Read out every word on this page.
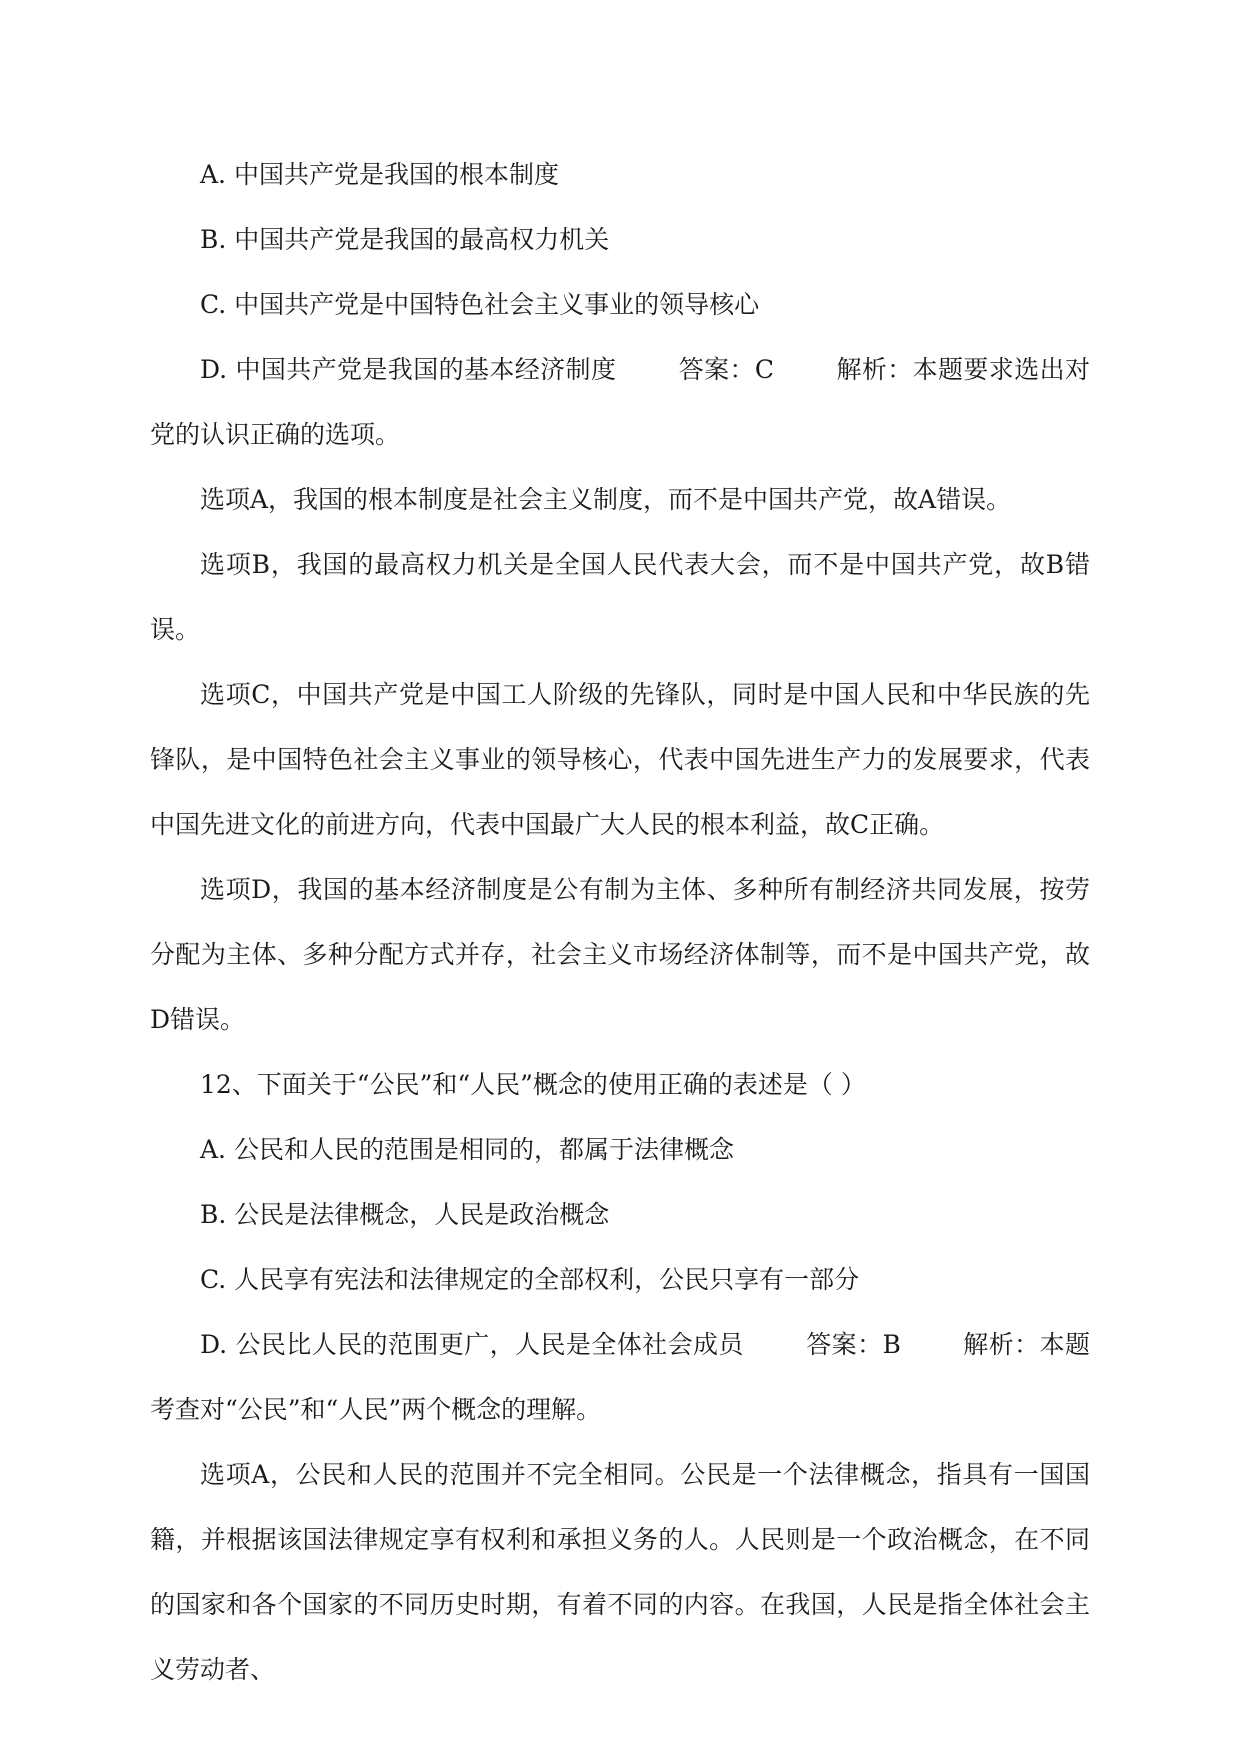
A. 中国共产党是我国的根本制度

B. 中国共产党是我国的最高权力机关

C. 中国共产党是中国特色社会主义事业的领导核心

D. 中国共产党是我国的基本经济制度 答案：C 解析：本题要求选出对党的认识正确的选项。

选项A，我国的根本制度是社会主义制度，而不是中国共产党，故A错误。

选项B，我国的最高权力机关是全国人民代表大会，而不是中国共产党，故B错误。

选项C，中国共产党是中国工人阶级的先锋队，同时是中国人民和中华民族的先锋队，是中国特色社会主义事业的领导核心，代表中国先进生产力的发展要求，代表中国先进文化的前进方向，代表中国最广大人民的根本利益，故C正确。

选项D，我国的基本经济制度是公有制为主体、多种所有制经济共同发展，按劳分配为主体、多种分配方式并存，社会主义市场经济体制等，而不是中国共产党，故D错误。

12、下面关于“公民”和“人民”概念的使用正确的表述是（ ）

A. 公民和人民的范围是相同的，都属于法律概念

B. 公民是法律概念，人民是政治概念

C. 人民享有宪法和法律规定的全部权利，公民只享有一部分

D. 公民比人民的范围更广，人民是全体社会成员 答案：B 解析：本题考查对“公民”和“人民”两个概念的理解。

选项A，公民和人民的范围并不完全相同。公民是一个法律概念，指具有一国国籍，并根据该国法律规定享有权利和承担义务的人。人民则是一个政治概念，在不同的国家和各个国家的不同历史时期，有着不同的内容。在我国，人民是指全体社会主义劳动者、
